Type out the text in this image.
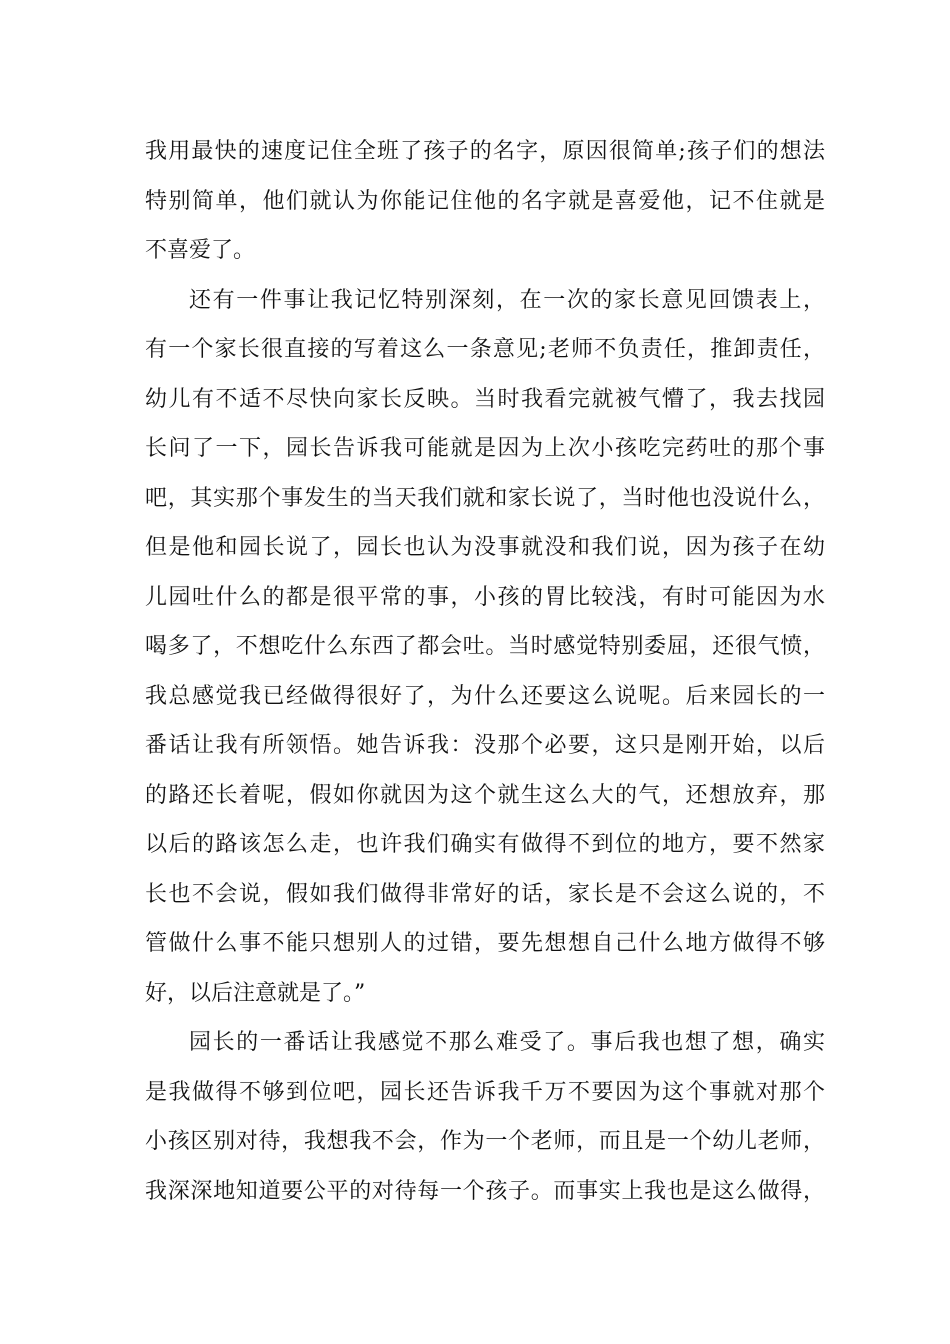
我用最快的速度记住全班了孩子的名字，原因很简单;孩子们的想法
特别简单，他们就认为你能记住他的名字就是喜爱他，记不住就是
不喜爱了。
还有一件事让我记忆特别深刻，在一次的家长意见回馈表上，
有一个家长很直接的写着这么一条意见;老师不负责任，推卸责任，
幼儿有不适不尽快向家长反映。当时我看完就被气懵了，我去找园
长问了一下，园长告诉我可能就是因为上次小孩吃完药吐的那个事
吧，其实那个事发生的当天我们就和家长说了，当时他也没说什么，
但是他和园长说了，园长也认为没事就没和我们说，因为孩子在幼
儿园吐什么的都是很平常的事，小孩的胃比较浅，有时可能因为水
喝多了，不想吃什么东西了都会吐。当时感觉特别委屈，还很气愤，
我总感觉我已经做得很好了，为什么还要这么说呢。后来园长的一
番话让我有所领悟。她告诉我：没那个必要，这只是刚开始，以后
的路还长着呢，假如你就因为这个就生这么大的气，还想放弃，那
以后的路该怎么走，也许我们确实有做得不到位的地方，要不然家
长也不会说，假如我们做得非常好的话，家长是不会这么说的，不
管做什么事不能只想别人的过错，要先想想自己什么地方做得不够
好，以后注意就是了。”
园长的一番话让我感觉不那么难受了。事后我也想了想，确实
是我做得不够到位吧，园长还告诉我千万不要因为这个事就对那个
小孩区别对待，我想我不会，作为一个老师，而且是一个幼儿老师，
我深深地知道要公平的对待每一个孩子。而事实上我也是这么做得，
